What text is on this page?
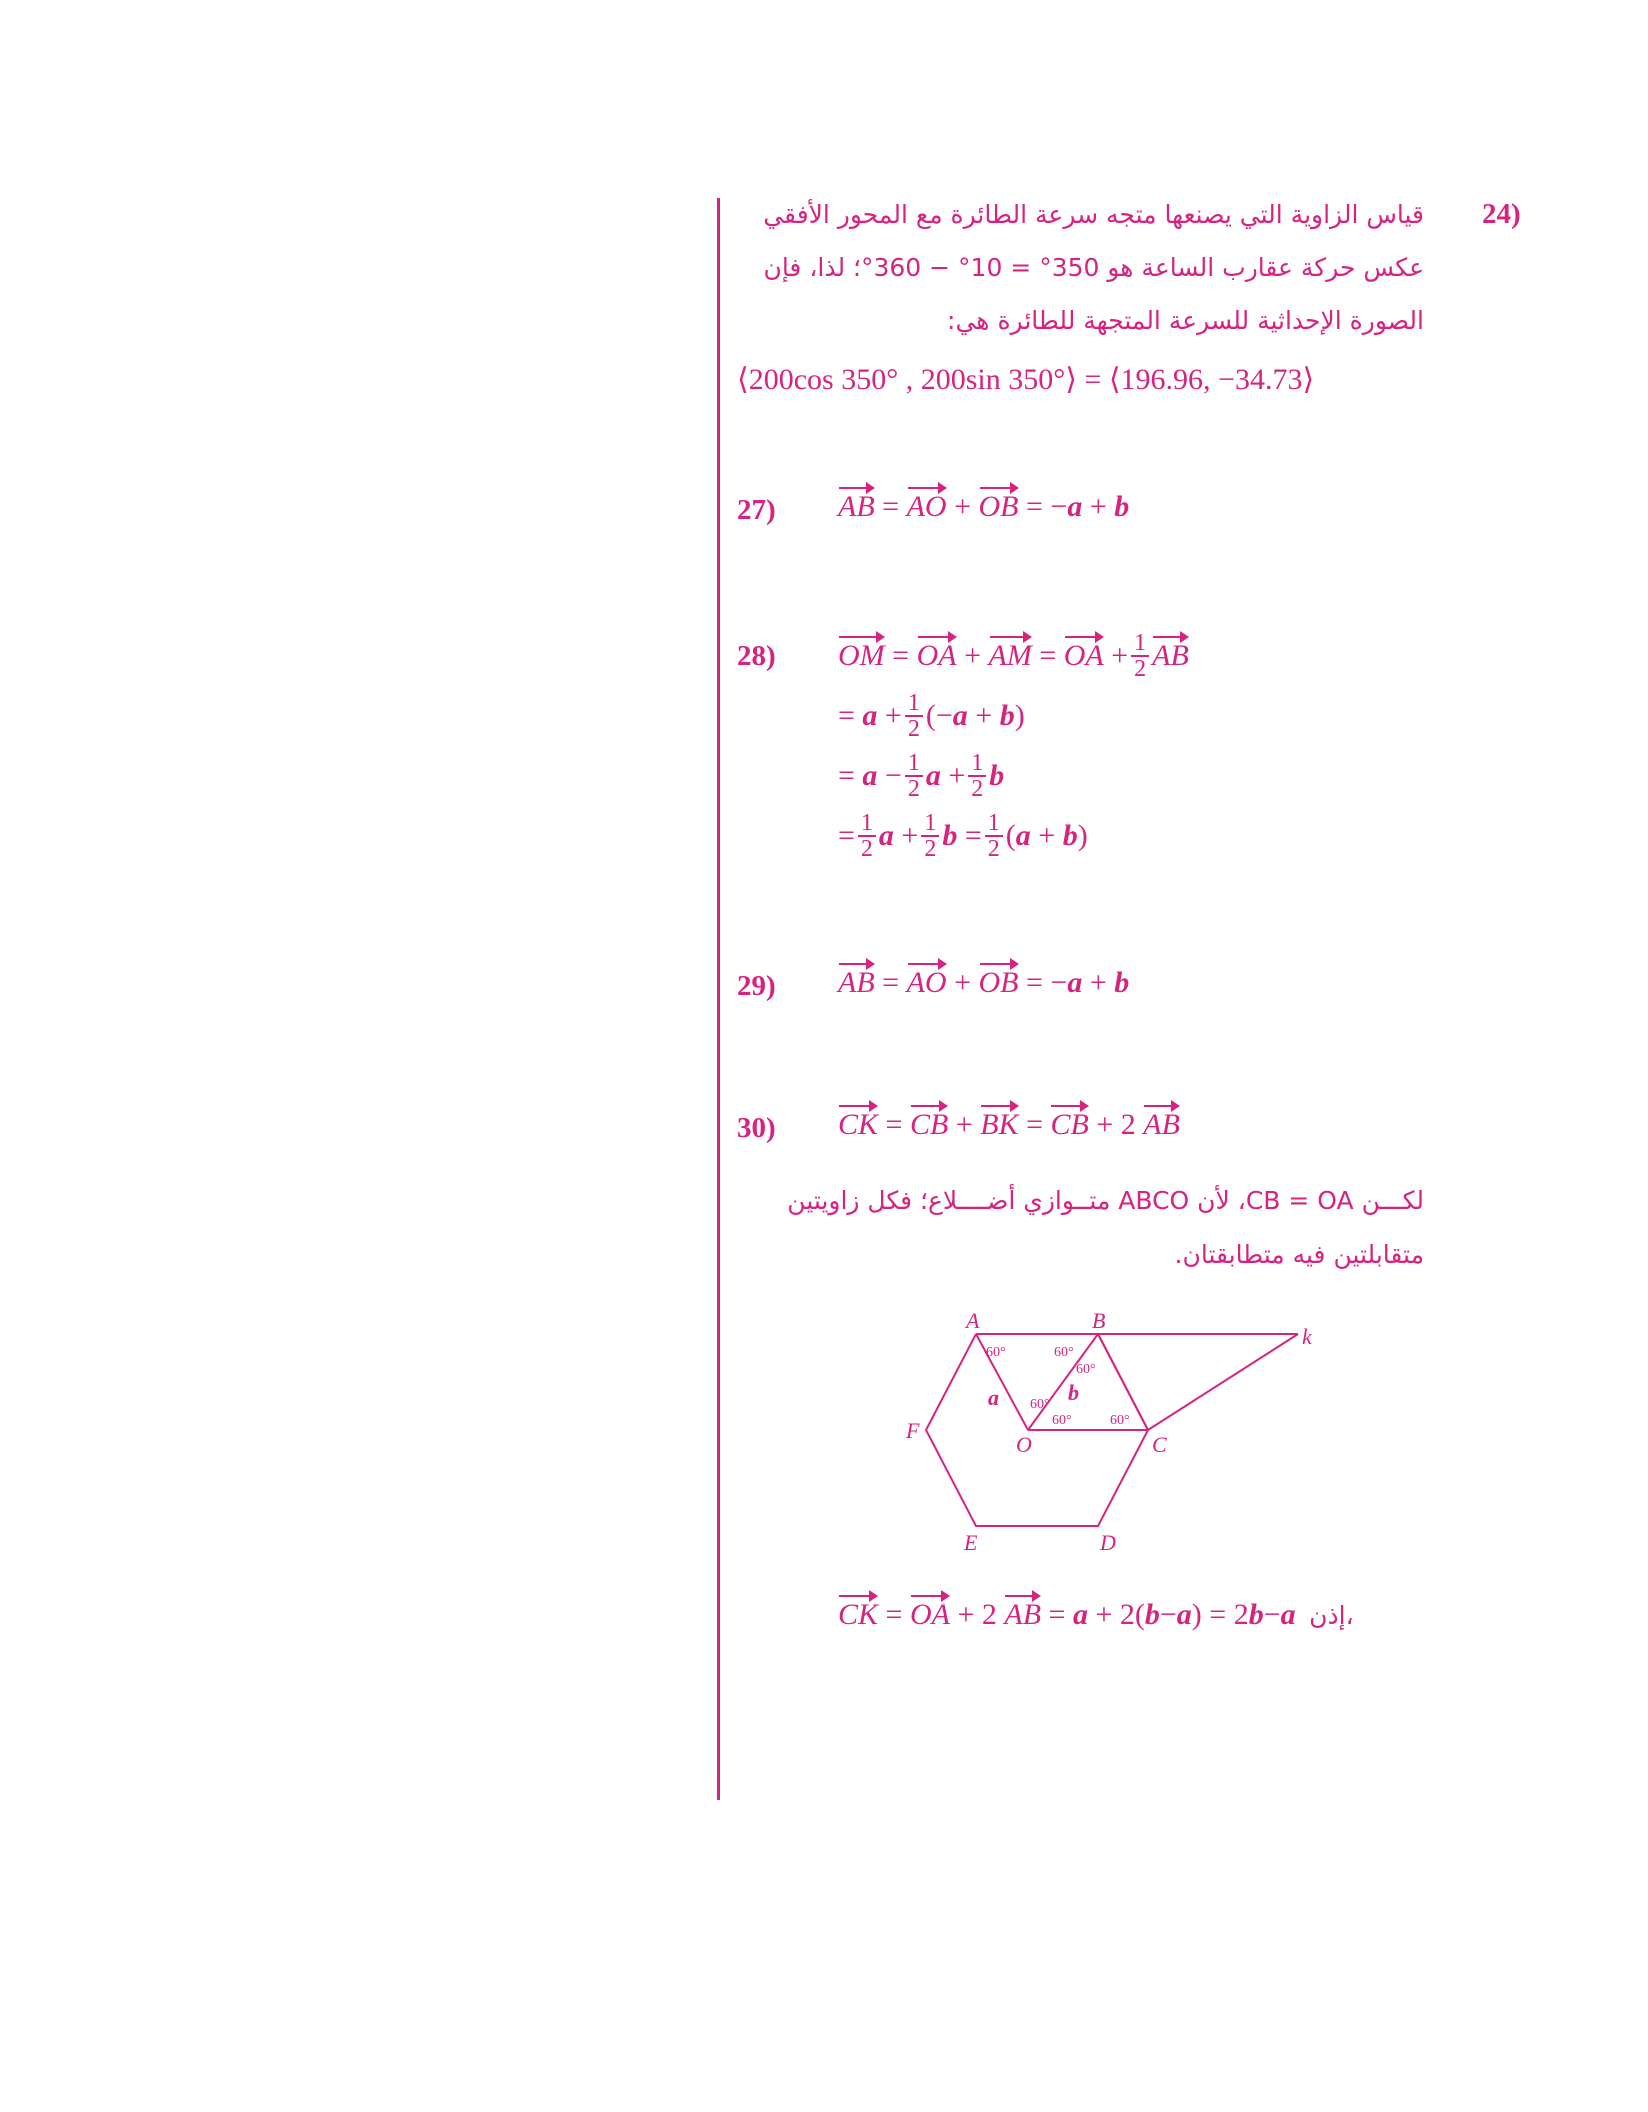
24)
قياس الزاوية التي يصنعها متجه سرعة الطائرة مع المحور الأفقي
عكس حركة عقارب الساعة هو 350° = 10° − 360°؛ لذا، فإن
الصورة الإحداثية للسرعة المتجهة للطائرة هي:
⟨200cos 350° , 200sin 350°⟩ = ⟨196.96, −34.73⟩
27) AB = AO + OB = −a + b
28) OM = OA + AM = OA + $\frac{1}{2}$ AB
= $a + \frac{1}{2}$ (− a + b )
= $a - \frac{1}{2}$ $a + \frac{1}{2}$ b
= $\frac{1}{2}$ $a + \frac{1}{2}$ $b = \frac{1}{2}$ ( a + b )
29) AB = AO + OB = −a + b
30) CK = CB + BK = CB + 2 AB
لكـــن CB = OA، لأن ABCO متــوازي أضــــلاع؛ فكل زاويتين
متقابلتين فيه متطابقتان.
A	B
k
F
O	C
E	D
a	b
60°	60°
60°
60°
60°	60°
CK = OA + 2 AB = a + 2(b−a) = 2b−a إذن،
